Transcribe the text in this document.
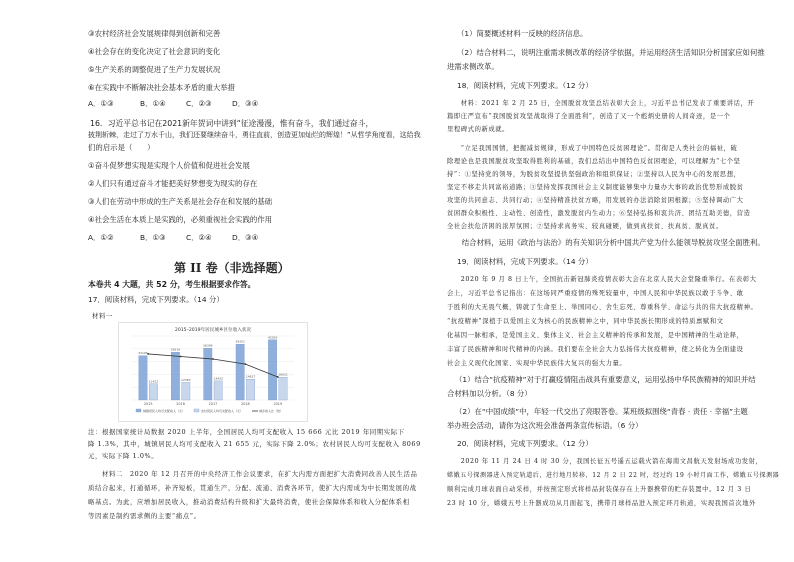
③农村经济社会发展规律得到创新和完善
④社会存在的变化决定了社会意识的变化
⑤生产关系的调整促进了生产力发展状况
⑥在实践中不断解决社会基本矛盾的重大举措
A．①③	B．①④	C．②③	D．③④
16．习近平总书记在2021新年贺词中讲到“征途漫漫，惟有奋斗，我们通过奋斗，
披荆斩棘，走过了万水千山，我们还要继续奋斗，勇往直前，创造更加灿烂的辉煌！”从哲学角度看，这给我
们的启示是（　　）
①奋斗促梦想实现是实现个人价值和促进社会发展
②人们只有通过奋斗才能把美好梦想变为现实的存在
③人们在劳动中形成的生产关系是社会存在和发展的基础
④社会生活在本质上是实践的，必须重视社会实践的作用
A．①②	B．①③	C．②④	D．③④
第 II 卷（非选择题）
本卷共 4 大题，共 52 分，考生根据要求作答。
17．阅读材料，完成下列要求。（14 分）
材料一
2015–2019年居民城乡区位收入状况
31195
11422
2015
33616
12363
2016
36396
13432
2017
39251
14617
2018
42359
16021
2019
城镇居民人均可支配收入（元）	农村居民人均可支配收入（元）	城乡收入比（倍）
注：根据国家统计局数据 2020 上半年，全国居民人均可支配收入 15 666 元比 2019 年同期实际下
降 1.3%，其中，城镇居民人均可支配收入 21 655 元，实际下降 2.0%；农村居民人均可支配收入 8069
元，实际下降 1.0%。
　　材料二　2020 年 12 月召开的中央经济工作会议要求，在扩大内需方面把扩大消费同改善人民生活品
质结合起来，打通循环，补齐短板，贯通生产、分配、流通、消费各环节，使扩大内需成为中长期发展的战
略基点。为此，应增加居民收入，推动消费结构升级和扩大最终消费，使社会保障体系和收入分配体系相
等因素是制约需求侧的主要“痛点”。
（1）简要概述材料一反映的经济信息。
（2）结合材料二，说明注重需求侧改革的经济学依据，并运用经济生活知识分析国家应如何推
进需求侧改革。
18．阅读材料，完成下列要求。（12 分）
　　材料：2021 年 2 月 25 日，全国脱贫攻坚总结表彰大会上，习近平总书记发表了重要讲话，开
篇即庄严宣布“我国脱贫攻坚战取得了全面胜利”，创造了又一个彪炳史册的人间奇迹，是一个
里程碑式的新成就。
　　“立足我国国情，把握减贫规律，形成了中国特色反贫困理论”。贯彻是人类社会的福祉，破
除理论也是我国脱贫攻坚取得胜利的基础，我们总结出中国特色反贫困理论，可以理解为“七个坚
持”：①坚持党的领导，为脱贫攻坚提供坚强政治和组织保证；②坚持以人民为中心的发展思想，
坚定不移走共同富裕道路；③坚持发挥我国社会主义制度能够集中力量办大事的政治优势形成脱贫
攻坚的共同意志、共同行动；④坚持精准扶贫方略，用发展的办法消除贫困根源；⑤坚持调动广大
贫困群众积极性、主动性、创造性，激发脱贫内生动力；⑥坚持弘扬和衷共济、团结互助美德，营造
全社会扶危济困的浓厚氛围；⑦坚持求真务实、较真碰硬，做到真扶贫、扶真贫、脱真贫。
　　结合材料，运用《政治与法治》的有关知识分析中国共产党为什么能领导脱贫攻坚全面胜利。
19．阅读材料，完成下列要求。（14 分）
　　2020 年 9 月 8 日上午，全国抗击新冠肺炎疫情表彰大会在北京人民大会堂隆重举行。在表彰大
会上，习近平总书记指出：在这场同严重疫情的殊死较量中，中国人民和中华民族以敢于斗争、敢
于胜利的大无畏气概，铸就了生命至上、举国同心、舍生忘死、尊重科学、命运与共的伟大抗疫精神。
“抗疫精神”深植于以爱国主义为核心的民族精神之中，同中华民族长期形成的特质禀赋和文
化基因一脉相承，是爱国主义、集体主义、社会主义精神的传承和发展，是中国精神的生动诠释，
丰富了民族精神和时代精神的内涵。我们要在全社会大力弘扬伟大抗疫精神，使之转化为全面建设
社会主义现代化国家、实现中华民族伟大复兴的强大力量。
（1）结合“抗疫精神”对于打赢疫情阻击战具有重要意义，运用弘扬中华民族精神的知识并结
合材料加以分析。（8 分）
（2）在“中国成绩”中，年轻一代交出了亮眼答卷。某班级拟围绕“青春 · 责任 · 幸福”主题
举办班会活动，请你为这次班会准备两条宣传标语。（6 分）
20．阅读材料，完成下列要求。（12 分）
　　2020 年 11 月 24 日 4 时 30 分，我国长征五号遥五运载火箭在海南文昌航天发射场成功发射，
嫦娥五号探测器进入预定轨道后，进行地月转移，12 月 2 日 22 时，经过约 19 小时月面工作，嫦娥五号探测器
顺利完成月球表面自动采样，并按预定形式将样品封装保存在上升器携带的贮存装置中。12 月 3 日
23 时 10 分，嫦娥五号上升器成功从月面起飞，携带月球样品进入预定环月轨道，实现我国首次地外
